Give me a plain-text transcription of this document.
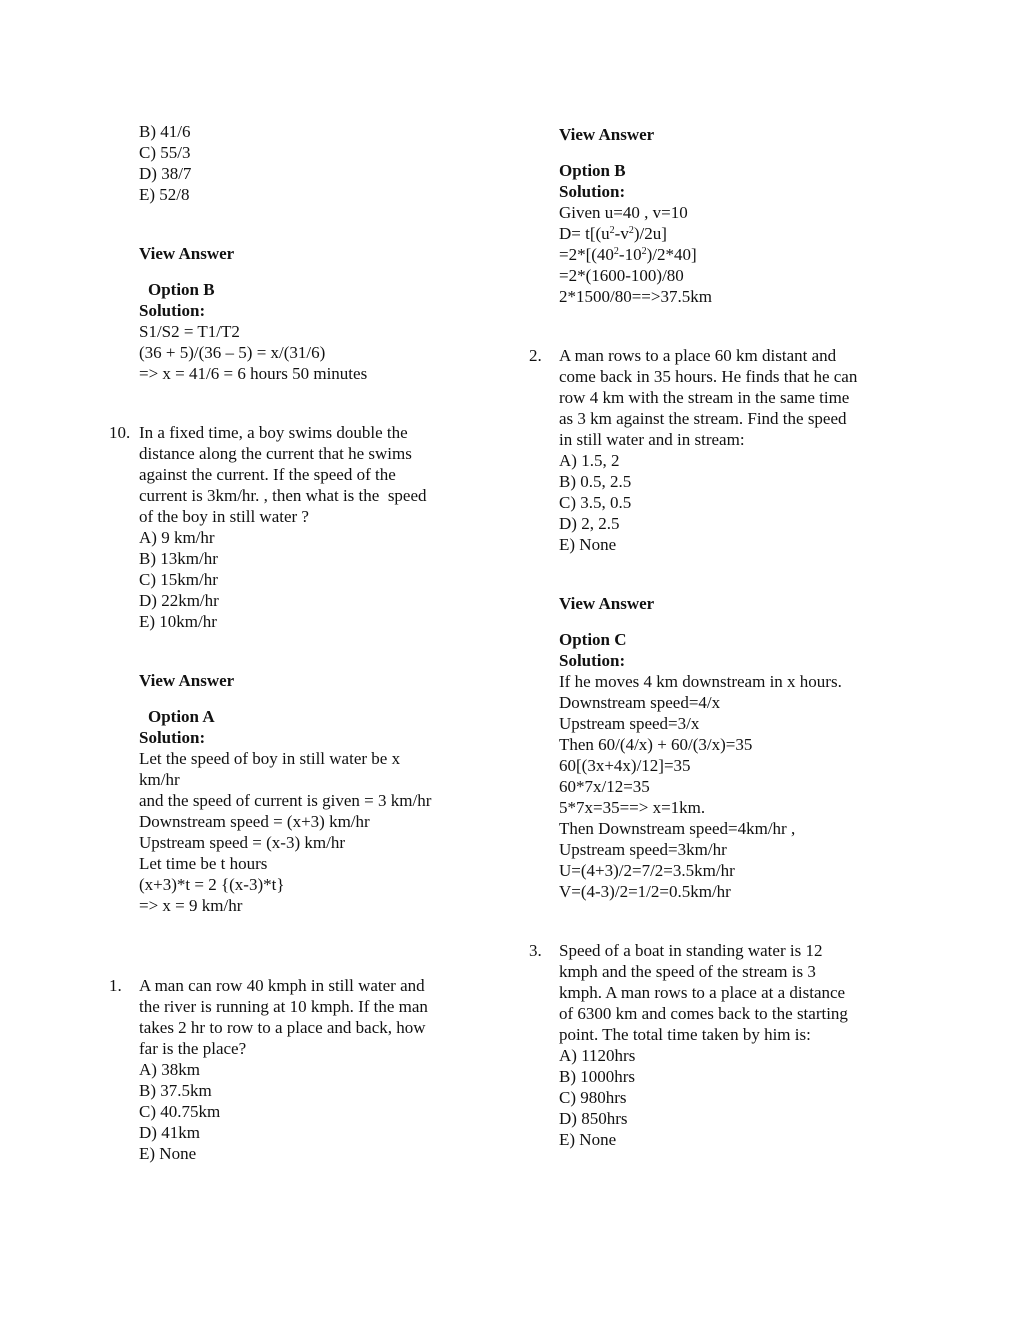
B) 41/6
C) 55/3
D) 38/7
E) 52/8
View Answer
Option B
Solution:
S1/S2 = T1/T2
(36 + 5)/(36 – 5) = x/(31/6)
=> x = 41/6 = 6 hours 50 minutes
10. In a fixed time, a boy swims double the
distance along the current that he swims
against the current. If the speed of the
current is 3km/hr. , then what is the  speed
of the boy in still water ?
A) 9 km/hr
B) 13km/hr
C) 15km/hr
D) 22km/hr
E) 10km/hr
View Answer
Option A
Solution:
Let the speed of boy in still water be x
km/hr
and the speed of current is given = 3 km/hr
Downstream speed = (x+3) km/hr
Upstream speed = (x-3) km/hr
Let time be t hours
(x+3)*t = 2 {(x-3)*t}
=> x = 9 km/hr
1. A man can row 40 kmph in still water and
the river is running at 10 kmph. If the man
takes 2 hr to row to a place and back, how
far is the place?
A) 38km
B) 37.5km
C) 40.75km
D) 41km
E) None
View Answer
Option B
Solution:
Given u=40 , v=10
$D= t[(u^2-v^2)/2u]$
$=2*[(40^2-10^2)/2*40]$
=2*(1600-100)/80
2*1500/80==>37.5km
2. A man rows to a place 60 km distant and
come back in 35 hours. He finds that he can
row 4 km with the stream in the same time
as 3 km against the stream. Find the speed
in still water and in stream:
A) 1.5, 2
B) 0.5, 2.5
C) 3.5, 0.5
D) 2, 2.5
E) None
View Answer
Option C
Solution:
If he moves 4 km downstream in x hours.
Downstream speed=4/x
Upstream speed=3/x
Then 60/(4/x) + 60/(3/x)=35
60[(3x+4x)/12]=35
60*7x/12=35
5*7x=35==> x=1km.
Then Downstream speed=4km/hr ,
Upstream speed=3km/hr
U=(4+3)/2=7/2=3.5km/hr
V=(4-3)/2=1/2=0.5km/hr
3. Speed of a boat in standing water is 12
kmph and the speed of the stream is 3
kmph. A man rows to a place at a distance
of 6300 km and comes back to the starting
point. The total time taken by him is:
A) 1120hrs
B) 1000hrs
C) 980hrs
D) 850hrs
E) None
